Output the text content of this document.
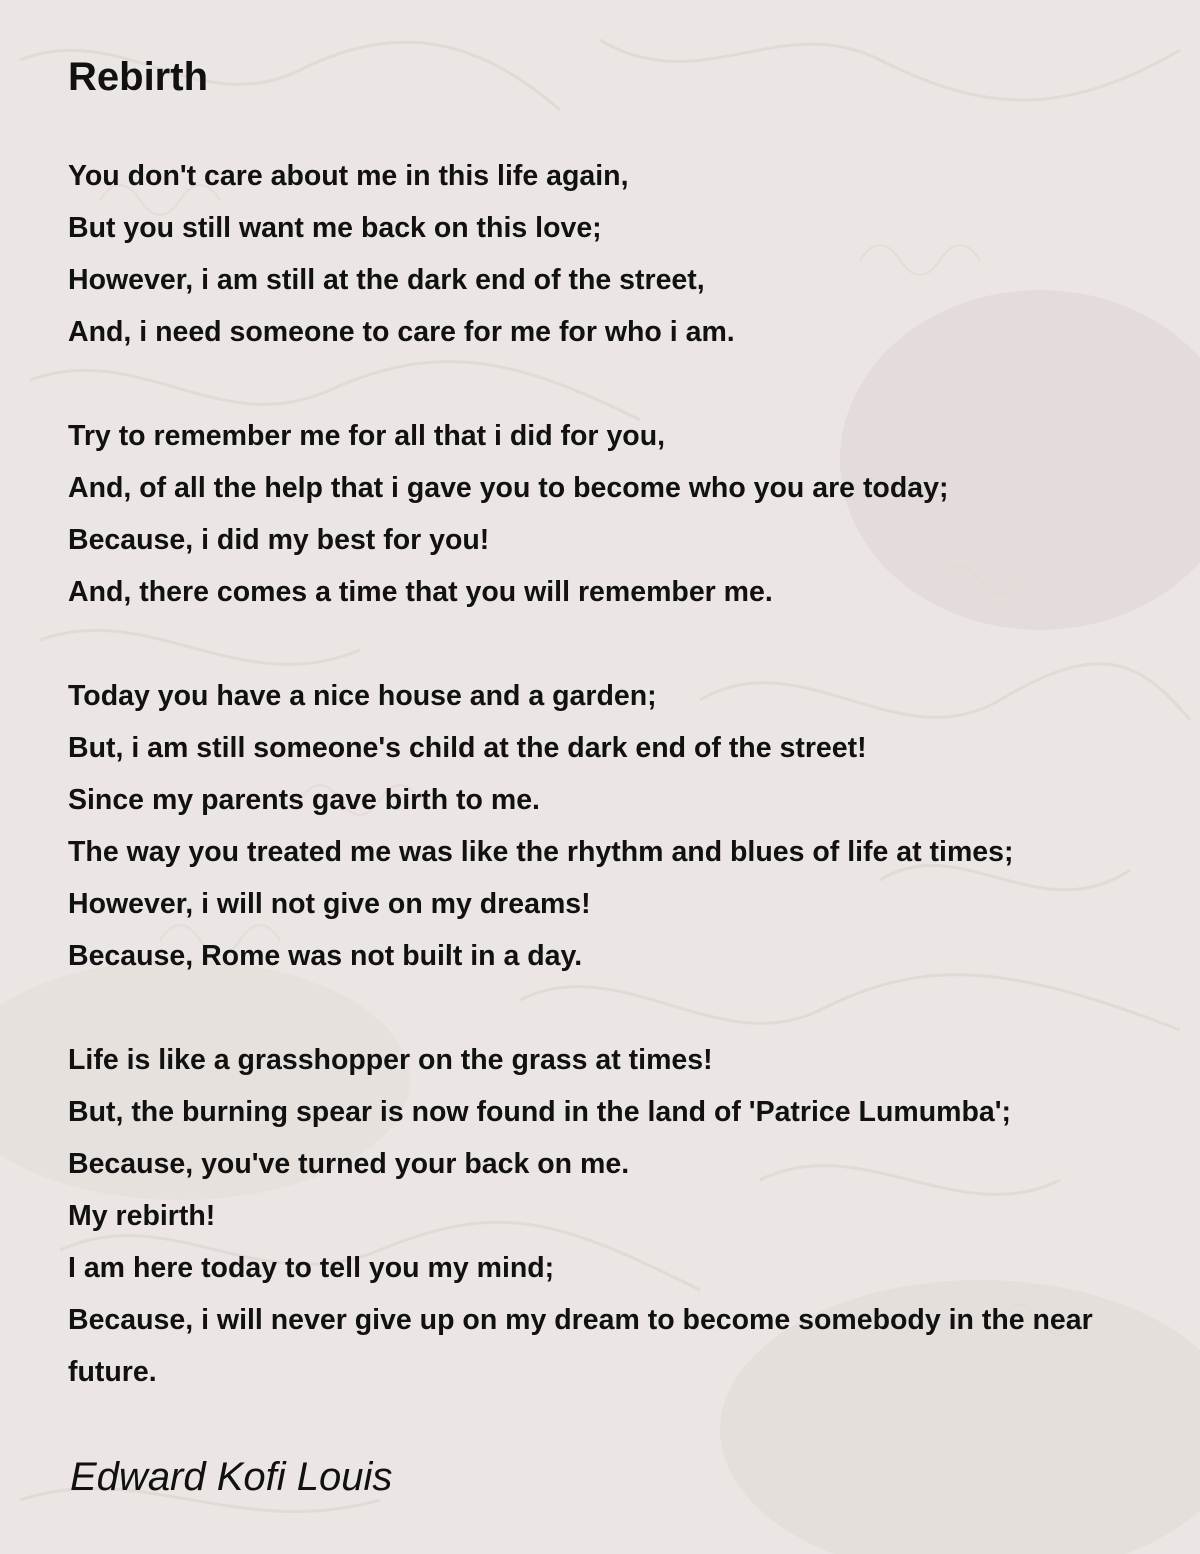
Rebirth
You don't care about me in this life again,
But you still want me back on this love;
However, i am still at the dark end of the street,
And, i need someone to care for me for who i am.
Try to remember me for all that i did for you,
And, of all the help that i gave you to become who you are today;
Because, i did my best for you!
And, there comes a time that you will remember me.
Today you have a nice house and a garden;
But, i am still someone's child at the dark end of the street!
Since my parents gave birth to me.
The way you treated me was like the rhythm and blues of life at times;
However, i will not give on my dreams!
Because, Rome was not built in a day.
Life is like a grasshopper on the grass at times!
But, the burning spear is now found in the land of 'Patrice Lumumba';
Because, you've turned your back on me.
My rebirth!
I am here today to tell you my mind;
Because, i will never give up on my dream to become somebody in the near future.
Edward Kofi Louis
